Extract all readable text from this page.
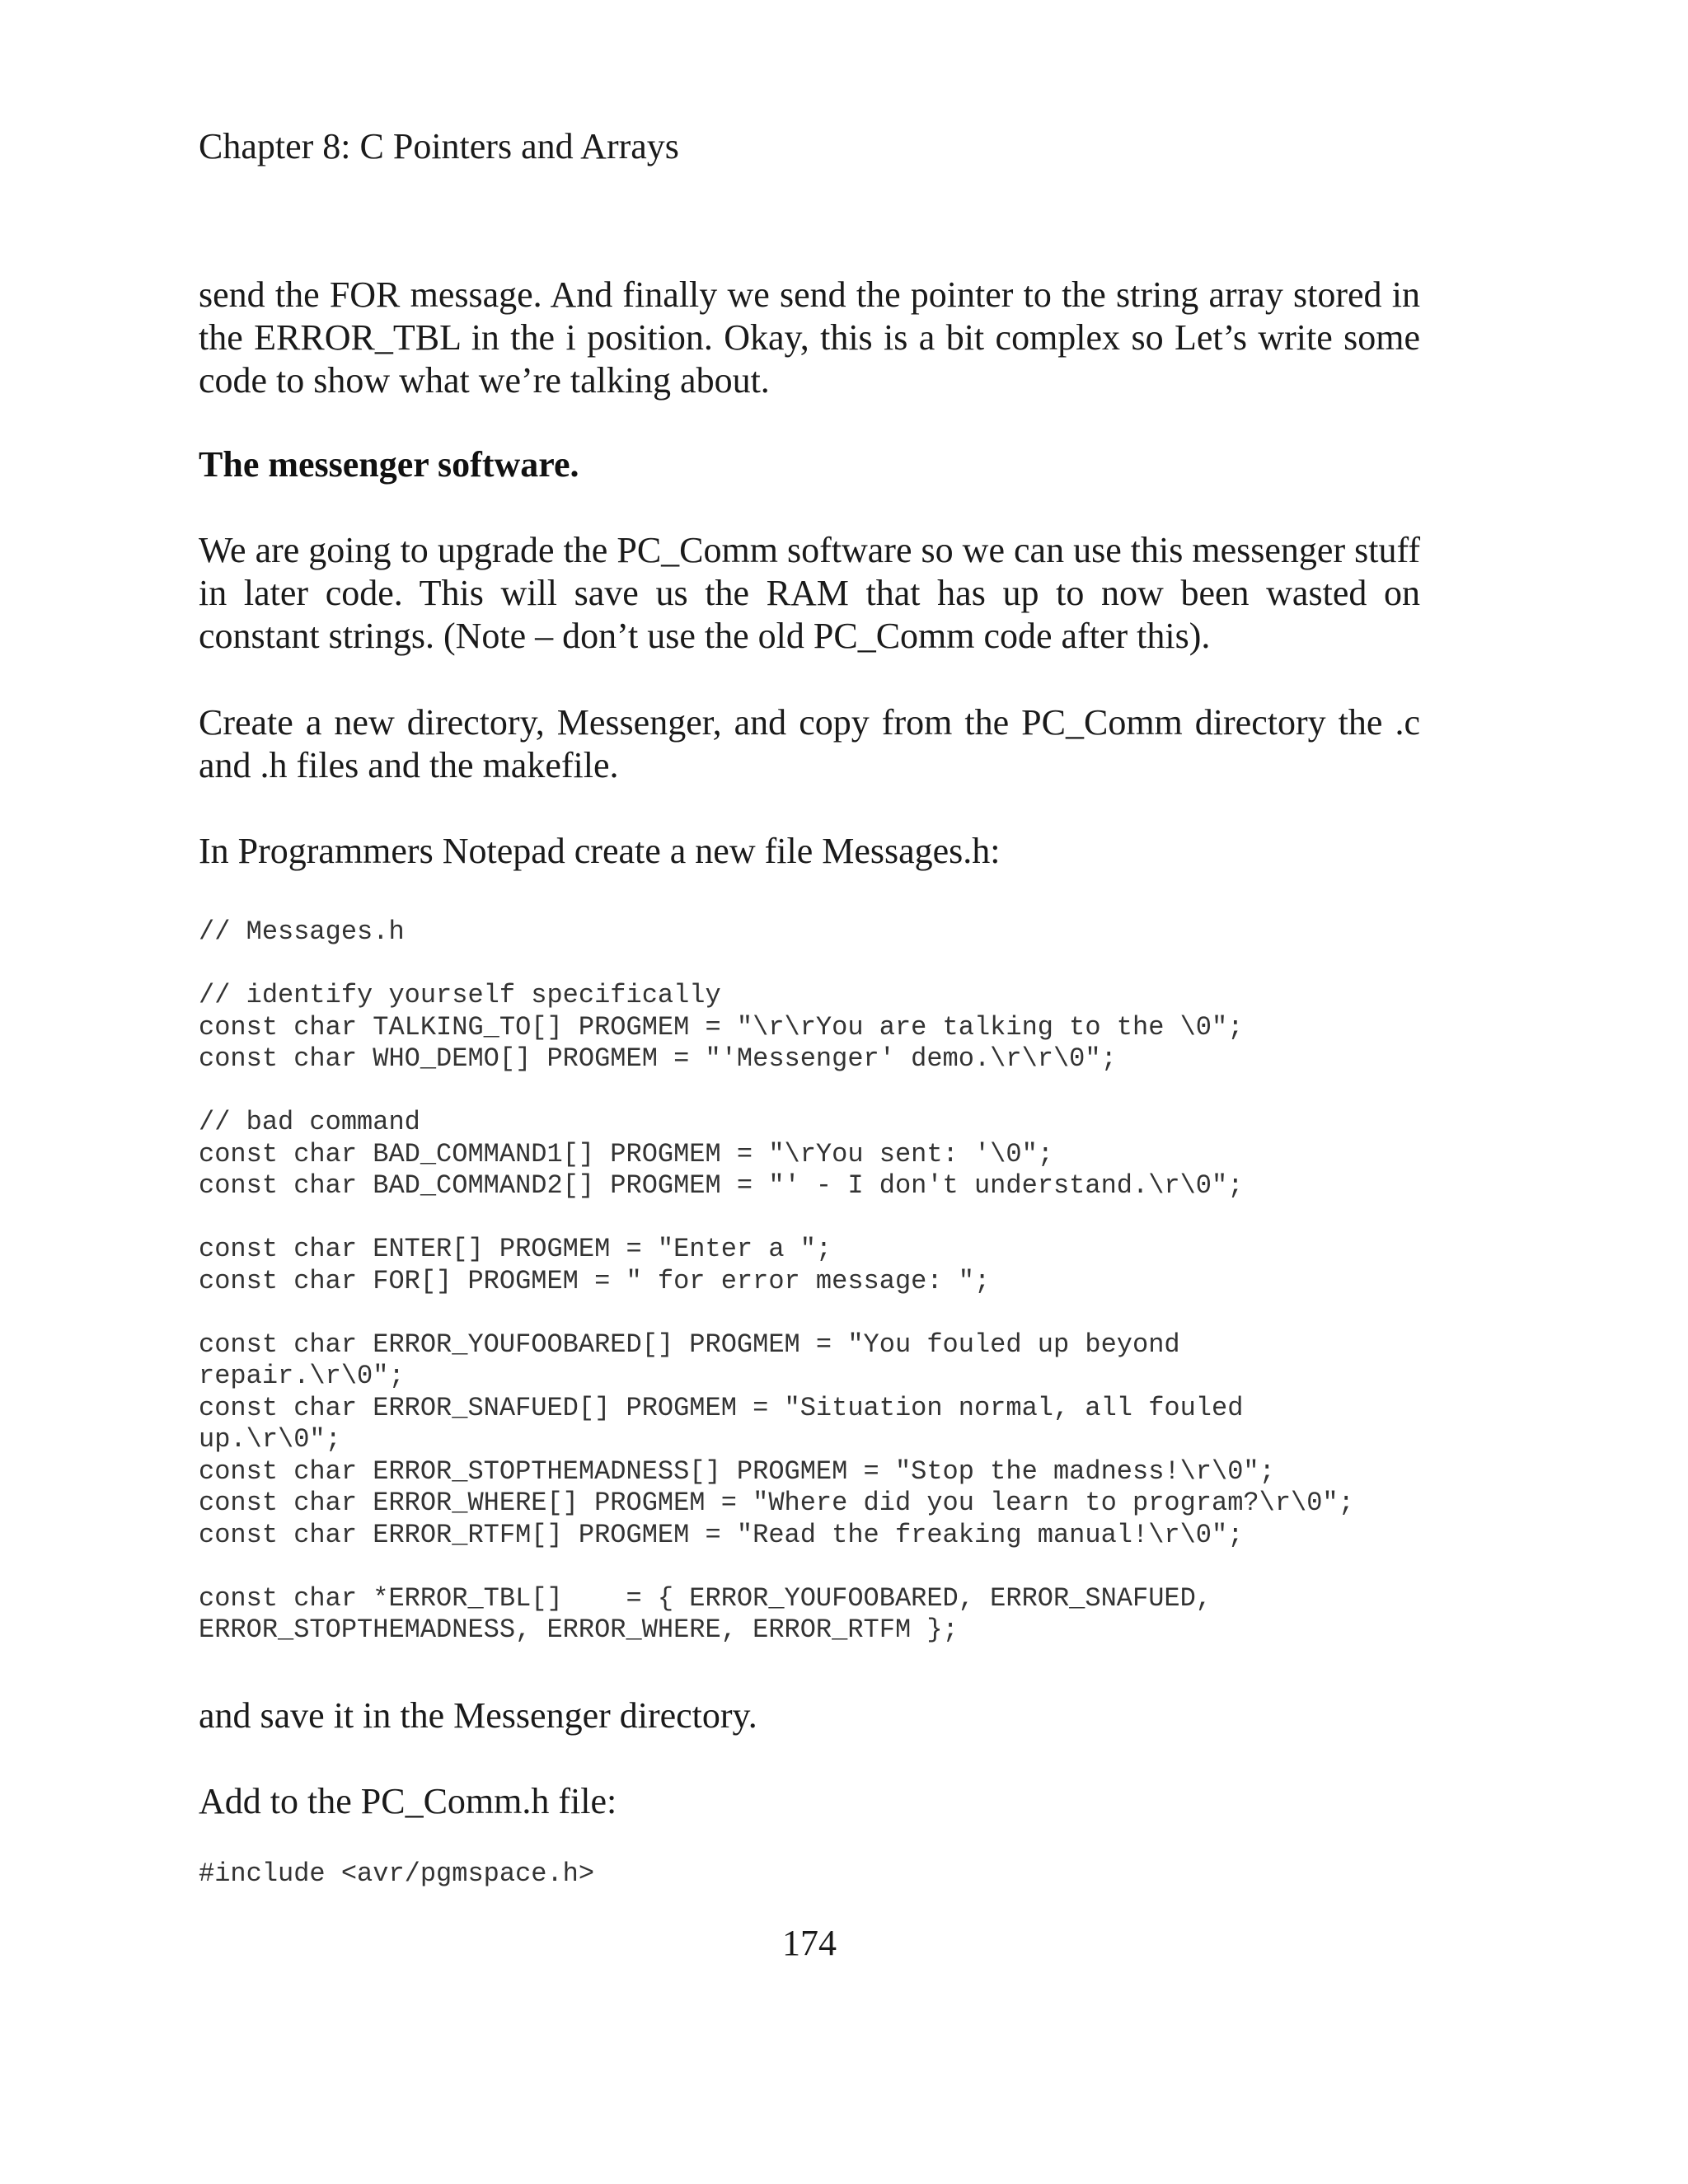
Chapter 8: C Pointers and Arrays

send the FOR message. And finally we send the pointer to the string array stored in the ERROR_TBL in the i position. Okay, this is a bit complex so Let’s write some code to show what we’re talking about.

The messenger software.

We are going to upgrade the PC_Comm software so we can use this messenger stuff in later code. This will save us the RAM that has up to now been wasted on constant strings. (Note – don’t use the old PC_Comm code after this).

Create a new directory, Messenger, and copy from the PC_Comm directory the .c and .h files and the makefile.

In Programmers Notepad create a new file Messages.h:

// Messages.h

// identify yourself specifically
const char TALKING_TO[] PROGMEM = "\r\rYou are talking to the \0";
const char WHO_DEMO[] PROGMEM = "'Messenger' demo.\r\r\0";

// bad command
const char BAD_COMMAND1[] PROGMEM = "\rYou sent: '\0";
const char BAD_COMMAND2[] PROGMEM = "' - I don't understand.\r\0";

const char ENTER[] PROGMEM = "Enter a ";
const char FOR[] PROGMEM = " for error message: ";

const char ERROR_YOUFOOBARED[] PROGMEM = "You fouled up beyond
repair.\r\0";
const char ERROR_SNAFUED[] PROGMEM = "Situation normal, all fouled
up.\r\0";
const char ERROR_STOPTHEMADNESS[] PROGMEM = "Stop the madness!\r\0";
const char ERROR_WHERE[] PROGMEM = "Where did you learn to program?\r\0";
const char ERROR_RTFM[] PROGMEM = "Read the freaking manual!\r\0";

const char *ERROR_TBL[]    = { ERROR_YOUFOOBARED, ERROR_SNAFUED,
ERROR_STOPTHEMADNESS, ERROR_WHERE, ERROR_RTFM };

and save it in the Messenger directory.

Add to the PC_Comm.h file:

#include <avr/pgmspace.h>
174
